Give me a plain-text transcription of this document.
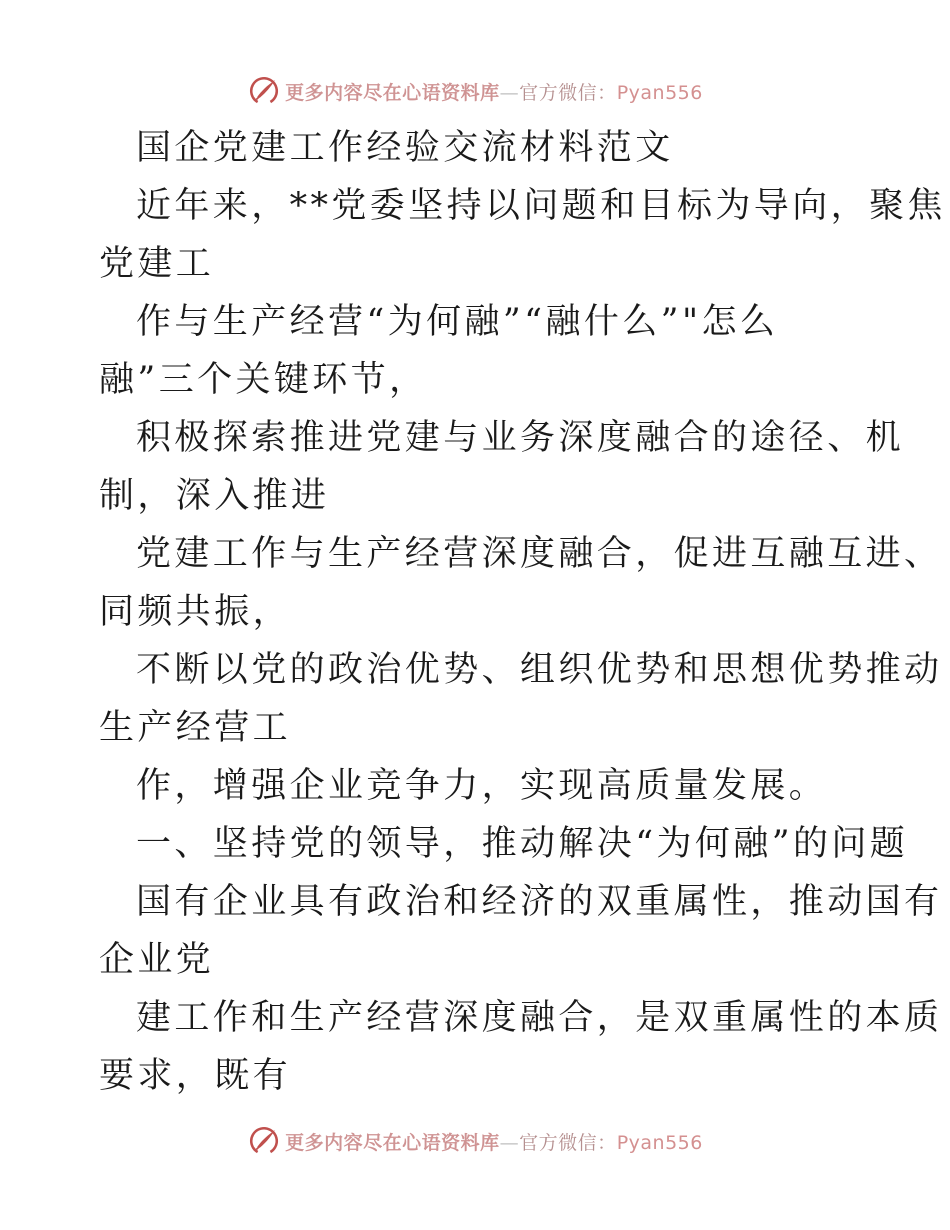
更多内容尽在心语资料库—官方微信：Pyan556
国企党建工作经验交流材料范文
近年来，**党委坚持以问题和目标为导向，聚焦
党建工
作与生产经营“为何融”“融什么”"怎么
融”三个关键环节，
积极探索推进党建与业务深度融合的途径、机
制，深入推进
党建工作与生产经营深度融合，促进互融互进、
同频共振，
不断以党的政治优势、组织优势和思想优势推动
生产经营工
作，增强企业竞争力，实现高质量发展。
一、坚持党的领导，推动解决“为何融”的问题
国有企业具有政治和经济的双重属性，推动国有
企业党
建工作和生产经营深度融合，是双重属性的本质
要求，既有
更多内容尽在心语资料库—官方微信：Pyan556
